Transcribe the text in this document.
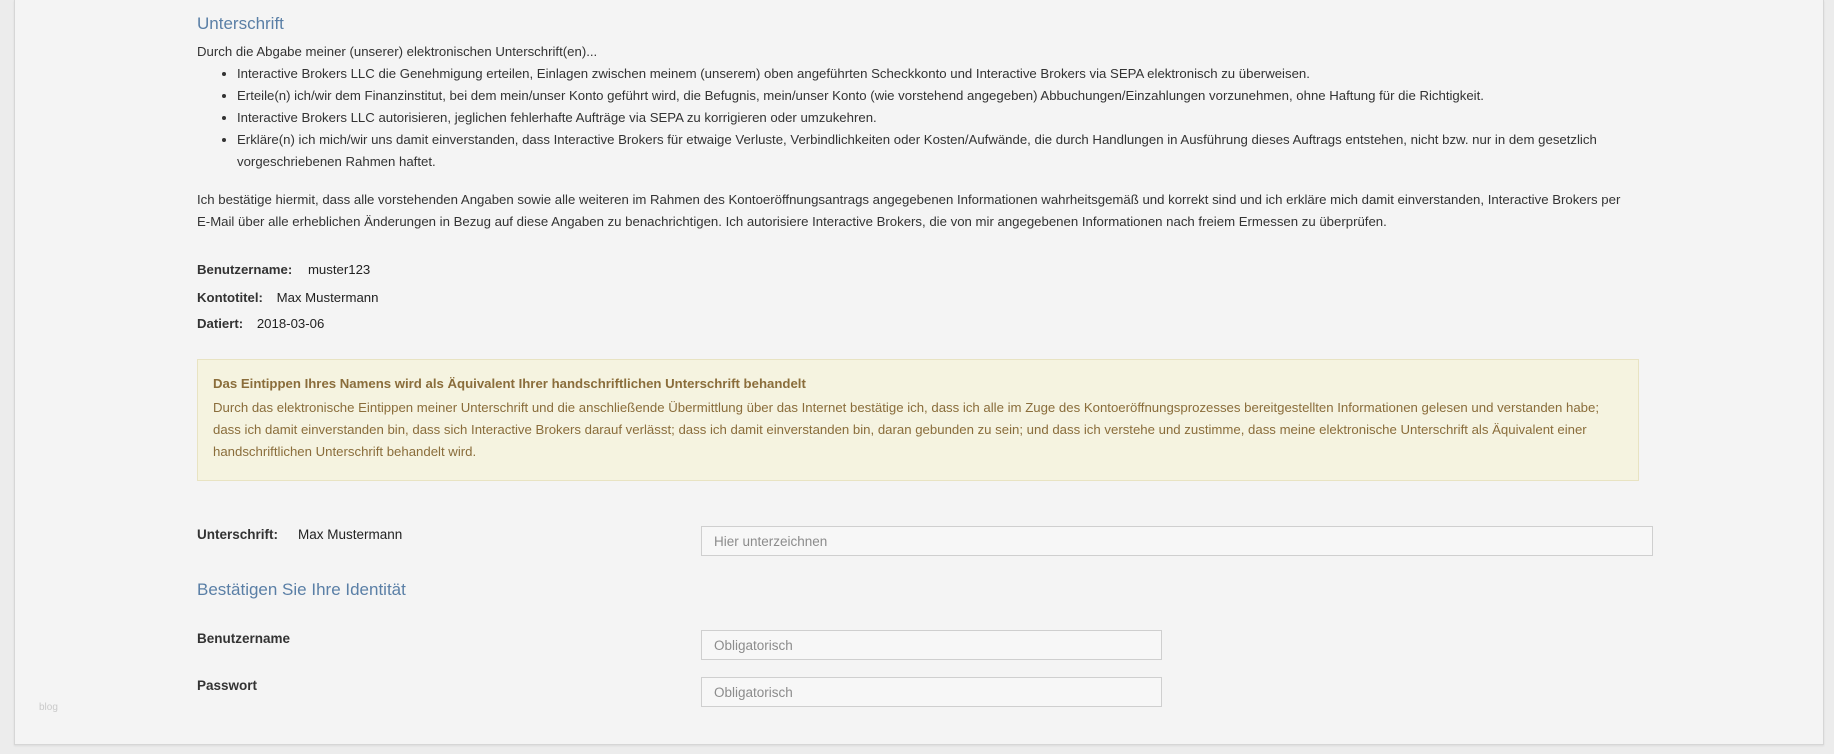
Unterschrift
Durch die Abgabe meiner (unserer) elektronischen Unterschrift(en)...
• Interactive Brokers LLC die Genehmigung erteilen, Einlagen zwischen meinem (unserem) oben angeführten Scheckkonto und Interactive Brokers via SEPA elektronisch zu überweisen.
• Erteile(n) ich/wir dem Finanzinstitut, bei dem mein/unser Konto geführt wird, die Befugnis, mein/unser Konto (wie vorstehend angegeben) Abbuchungen/Einzahlungen vorzunehmen, ohne Haftung für die Richtigkeit.
• Interactive Brokers LLC autorisieren, jeglichen fehlerhafte Aufträge via SEPA zu korrigieren oder umzukehren.
• Erkläre(n) ich mich/wir uns damit einverstanden, dass Interactive Brokers für etwaige Verluste, Verbindlichkeiten oder Kosten/Aufwände, die durch Handlungen in Ausführung dieses Auftrags entstehen, nicht bzw. nur in dem gesetzlich vorgeschriebenen Rahmen haftet.

Ich bestätige hiermit, dass alle vorstehenden Angaben sowie alle weiteren im Rahmen des Kontoeröffnungsantrags angegebenen Informationen wahrheitsgemäß und korrekt sind und ich erkläre mich damit einverstanden, Interactive Brokers per E-Mail über alle erheblichen Änderungen in Bezug auf diese Angaben zu benachrichtigen. Ich autorisiere Interactive Brokers, die von mir angegebenen Informationen nach freiem Ermessen zu überprüfen.

Benutzername: muster123
Kontotitel: Max Mustermann
Datiert: 2018-03-06

Das Eintippen Ihres Namens wird als Äquivalent Ihrer handschriftlichen Unterschrift behandelt

Durch das elektronische Eintippen meiner Unterschrift und die anschließende Übermittlung über das Internet bestätige ich, dass ich alle im Zuge des Kontoeröffnungsprozesses bereitgestellten Informationen gelesen und verstanden habe; dass ich damit einverstanden bin, dass sich Interactive Brokers darauf verlässt; dass ich damit einverstanden bin, daran gebunden zu sein; und dass ich verstehe und zustimme, dass meine elektronische Unterschrift als Äquivalent einer handschriftlichen Unterschrift behandelt wird.

Unterschrift: Max Mustermann
Hier unterzeichnen
Bestätigen Sie Ihre Identität
Benutzername
Obligatorisch
Passwort
blog
